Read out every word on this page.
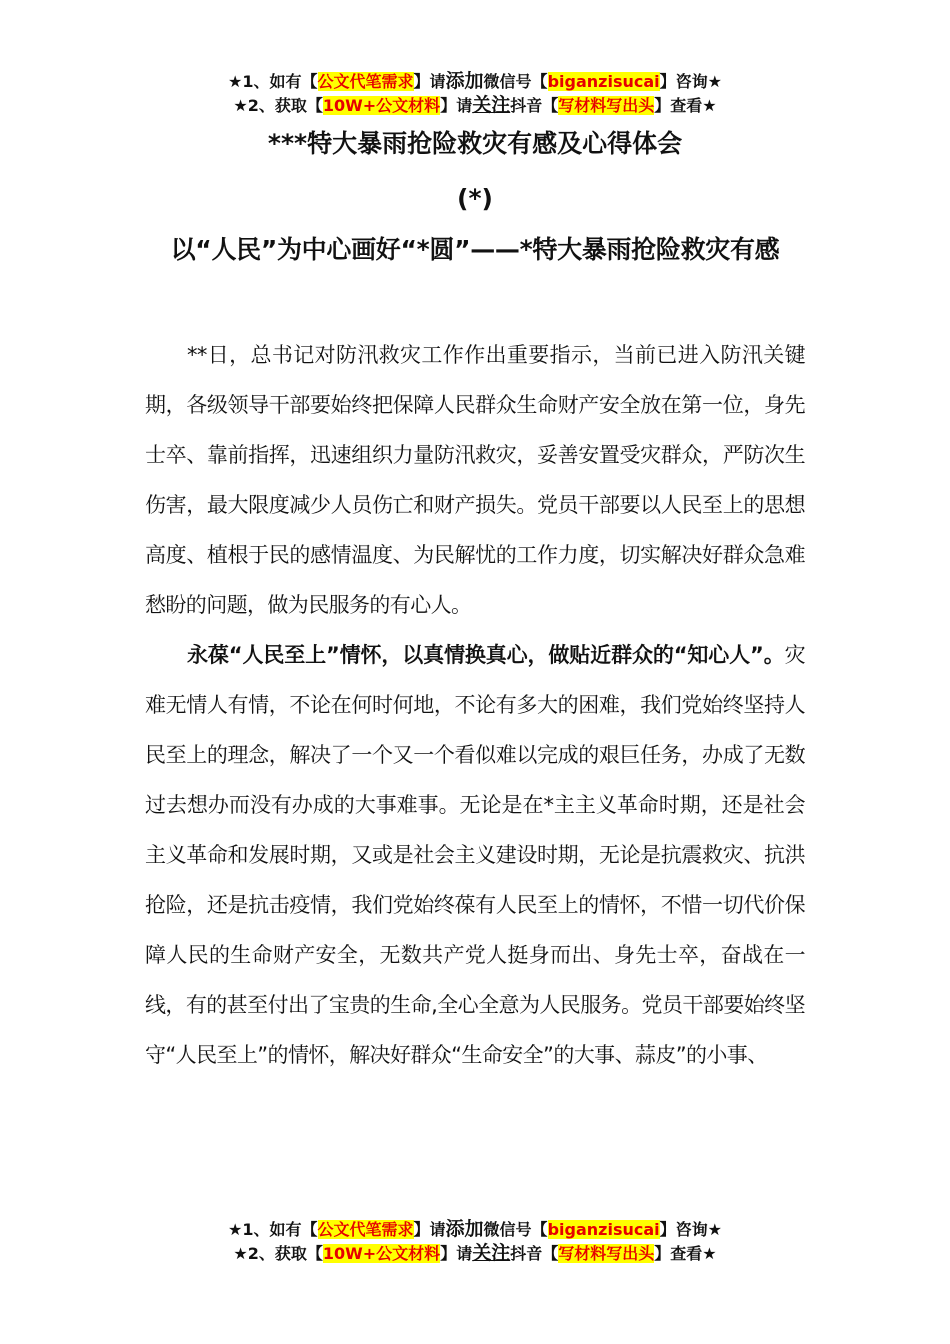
★1、如有【公文代笔需求】请添加微信号【biganzisucai】咨询★
★2、获取【10W+公文材料】请关注抖音【写材料写出头】查看★
***特大暴雨抢险救灾有感及心得体会
(*)
以“人民”为中心画好“*圆”——*特大暴雨抢险救灾有感

**日，总书记对防汛救灾工作作出重要指示，当前已进入防汛关键期，各级领导干部要始终把保障人民群众生命财产安全放在第一位，身先士卒、靠前指挥，迅速组织力量防汛救灾，妥善安置受灾群众，严防次生伤害，最大限度减少人员伤亡和财产损失。党员干部要以人民至上的思想高度、植根于民的感情温度、为民解忧的工作力度，切实解决好群众急难愁盼的问题，做为民服务的有心人。

永葆“人民至上”情怀，以真情换真心，做贴近群众的“知心人”。灾难无情人有情，不论在何时何地，不论有多大的困难，我们党始终坚持人民至上的理念，解决了一个又一个看似难以完成的艰巨任务，办成了无数过去想办而没有办成的大事难事。无论是在*主主义革命时期，还是社会主义革命和发展时期，又或是社会主义建设时期，无论是抗震救灾、抗洪抢险，还是抗击疫情，我们党始终葆有人民至上的情怀，不惜一切代价保障人民的生命财产安全，无数共产党人挺身而出、身先士卒，奋战在一线，有的甚至付出了宝贵的生命,全心全意为人民服务。党员干部要始终坚守“人民至上”的情怀，解决好群众“生命安全”的大事、蒜皮”的小事、

★1、如有【公文代笔需求】请添加微信号【biganzisucai】咨询★
★2、获取【10W+公文材料】请关注抖音【写材料写出头】查看★
